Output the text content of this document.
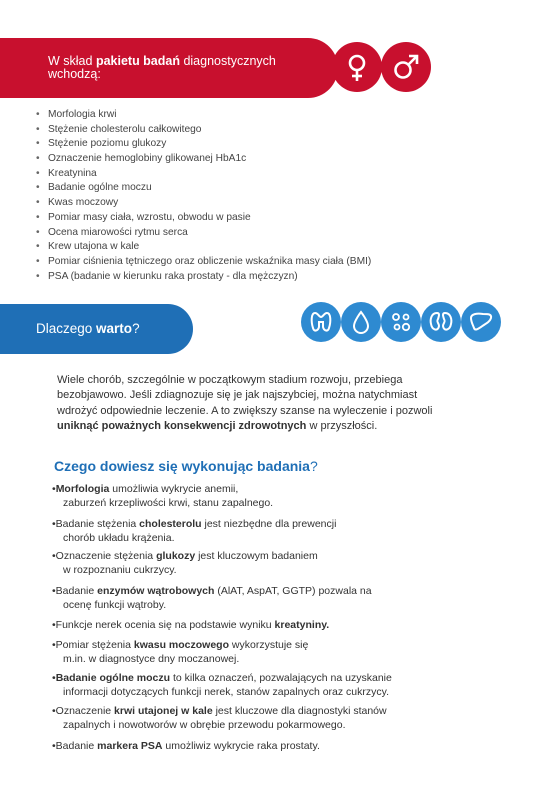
W skład pakietu badań diagnostycznych wchodzą:
• Morfologia krwi
• Stężenie cholesterolu całkowitego
• Stężenie poziomu glukozy
• Oznaczenie hemoglobiny glikowanej HbA1c
• Kreatynina
• Badanie ogólne moczu
• Kwas moczowy
• Pomiar masy ciała, wzrostu, obwodu w pasie
• Ocena miarowości rytmu serca
• Krew utajona w kale
• Pomiar ciśnienia tętniczego oraz obliczenie wskaźnika masy ciała (BMI)
• PSA (badanie w kierunku raka prostaty - dla mężczyzn)
Dlaczego warto?

Wiele chorób, szczególnie w początkowym stadium rozwoju, przebiega bezobjawowo. Jeśli zdiagnozuje się je jak najszybciej, można natychmiast wdrożyć odpowiednie leczenie. A to zwiększy szanse na wyleczenie i pozwoli uniknąć poważnych konsekwencji zdrowotnych w przyszłości.

Czego dowiesz się wykonując badania?
•Morfologia umożliwia wykrycie anemii,
zaburzeń krzepliwości krwi, stanu zapalnego.
•Badanie stężenia cholesterolu jest niezbędne dla prewencji
chorób układu krążenia.
•Oznaczenie stężenia glukozy jest kluczowym badaniem
w rozpoznaniu cukrzycy.
•Badanie enzymów wątrobowych (AlAT, AspAT, GGTP) pozwala na
ocenę funkcji wątroby.
•Funkcje nerek ocenia się na podstawie wyniku kreatyniny.
•Pomiar stężenia kwasu moczowego wykorzystuje się
m.in. w diagnostyce dny moczanowej.
•Badanie ogólne moczu to kilka oznaczeń, pozwalających na uzyskanie
informacji dotyczących funkcji nerek, stanów zapalnych oraz cukrzycy.
•Oznaczenie krwi utajonej w kale jest kluczowe dla diagnostyki stanów
zapalnych i nowotworów w obrębie przewodu pokarmowego.
•Badanie markera PSA umożliwiz wykrycie raka prostaty.
